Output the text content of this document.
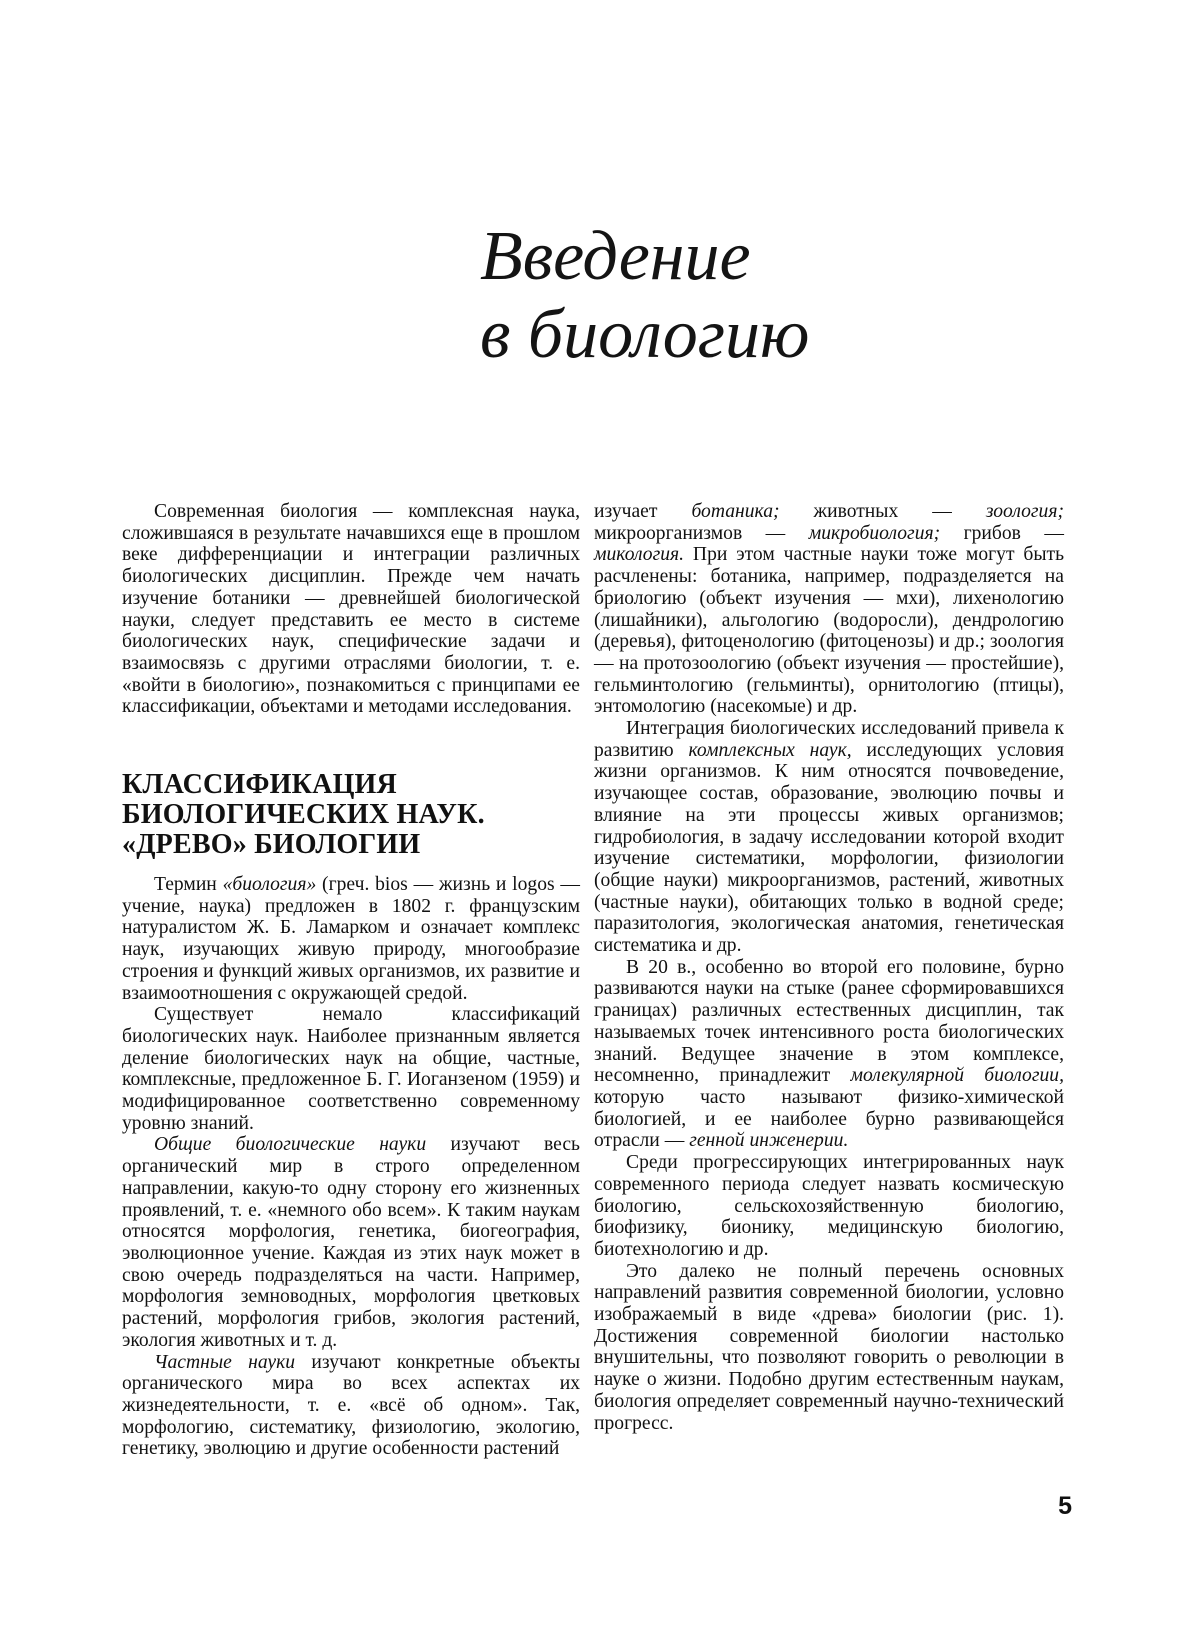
Введение
в биологию

Современная биология — комплексная наука, сложившаяся в результате начавшихся еще в прошлом веке дифференциации и интеграции различных биологических дисциплин. Прежде чем начать изучение ботаники — древнейшей биологической науки, следует представить ее место в системе биологических наук, специфические задачи и взаимосвязь с другими отраслями биологии, т. е. «войти в биологию», познакомиться с принципами ее классификации, объектами и методами исследования.

КЛАССИФИКАЦИЯ
БИОЛОГИЧЕСКИХ НАУК.
«ДРЕВО» БИОЛОГИИ

Термин «биология» (греч. bios — жизнь и logos — учение, наука) предложен в 1802 г. французским натуралистом Ж. Б. Ламарком и означает комплекс наук, изучающих живую природу, многообразие строения и функций живых организмов, их развитие и взаимоотношения с окружающей средой.

Существует немало классификаций биологических наук. Наиболее признанным является деление биологических наук на общие, частные, комплексные, предложенное Б. Г. Иоганзеном (1959) и модифицированное соответственно современному уровню знаний.

Общие биологические науки изучают весь органический мир в строго определенном направлении, какую-то одну сторону его жизненных проявлений, т. е. «немного обо всем». К таким наукам относятся морфология, генетика, биогеография, эволюционное учение. Каждая из этих наук может в свою очередь подразделяться на части. Например, морфология земноводных, морфология цветковых растений, морфология грибов, экология растений, экология животных и т. д.

Частные науки изучают конкретные объекты органического мира во всех аспектах их жизнедеятельности, т. е. «всё об одном». Так, морфологию, систематику, физиологию, экологию, генетику, эволюцию и другие особенности растений

изучает ботаника; животных — зоология; микроорганизмов — микробиология; грибов — микология. При этом частные науки тоже могут быть расчленены: ботаника, например, подразделяется на бриологию (объект изучения — мхи), лихенологию (лишайники), альгологию (водоросли), дендрологию (деревья), фитоценологию (фитоценозы) и др.; зоология — на протозоологию (объект изучения — простейшие), гельминтологию (гельминты), орнитологию (птицы), энтомологию (насекомые) и др.

Интеграция биологических исследований привела к развитию комплексных наук, исследующих условия жизни организмов. К ним относятся почвоведение, изучающее состав, образование, эволюцию почвы и влияние на эти процессы живых организмов; гидробиология, в задачу исследовании которой входит изучение систематики, морфологии, физиологии (общие науки) микроорганизмов, растений, животных (частные науки), обитающих только в водной среде; паразитология, экологическая анатомия, генетическая систематика и др.

В 20 в., особенно во второй его половине, бурно развиваются науки на стыке (ранее сформировавшихся границах) различных естественных дисциплин, так называемых точек интенсивного роста биологических знаний. Ведущее значение в этом комплексе, несомненно, принадлежит молекулярной биологии, которую часто называют физико-химической биологией, и ее наиболее бурно развивающейся отрасли — генной инженерии.

Среди прогрессирующих интегрированных наук современного периода следует назвать космическую биологию, сельскохозяйственную биологию, биофизику, бионику, медицинскую биологию, биотехнологию и др.

Это далеко не полный перечень основных направлений развития современной биологии, условно изображаемый в виде «древа» биологии (рис. 1). Достижения современной биологии настолько внушительны, что позволяют говорить о революции в науке о жизни. Подобно другим естественным наукам, биология определяет современный научно-технический прогресс.

5
